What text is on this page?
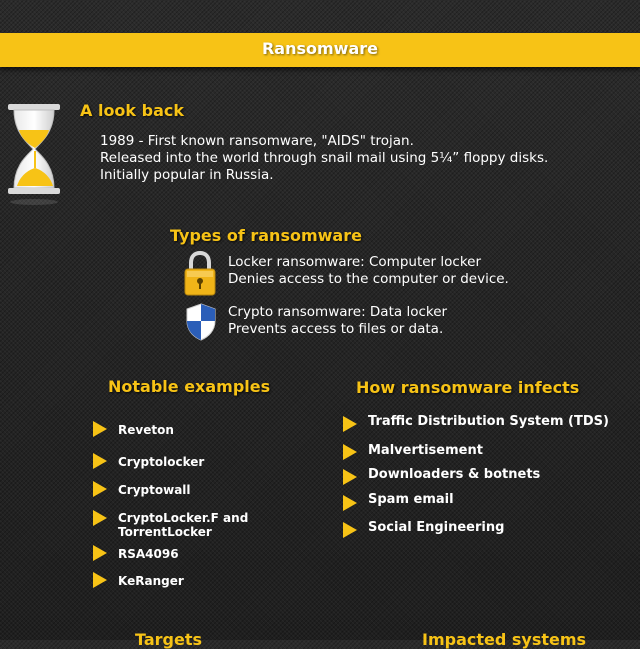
Ransomware
A look back
1989 - First known ransomware, "AIDS" trojan.
Released into the world through snail mail using 5¼” floppy disks.
Initially popular in Russia.
Types of ransomware
Locker ransomware: Computer locker
Denies access to the computer or device.
Crypto ransomware: Data locker
Prevents access to files or data.
Notable examples
Reveton
Cryptolocker
Cryptowall
CryptoLocker.F and
TorrentLocker
RSA4096
KeRanger
How ransomware infects
Traffic Distribution System (TDS)
Malvertisement
Downloaders & botnets
Spam email
Social Engineering
Targets	Impacted systems
